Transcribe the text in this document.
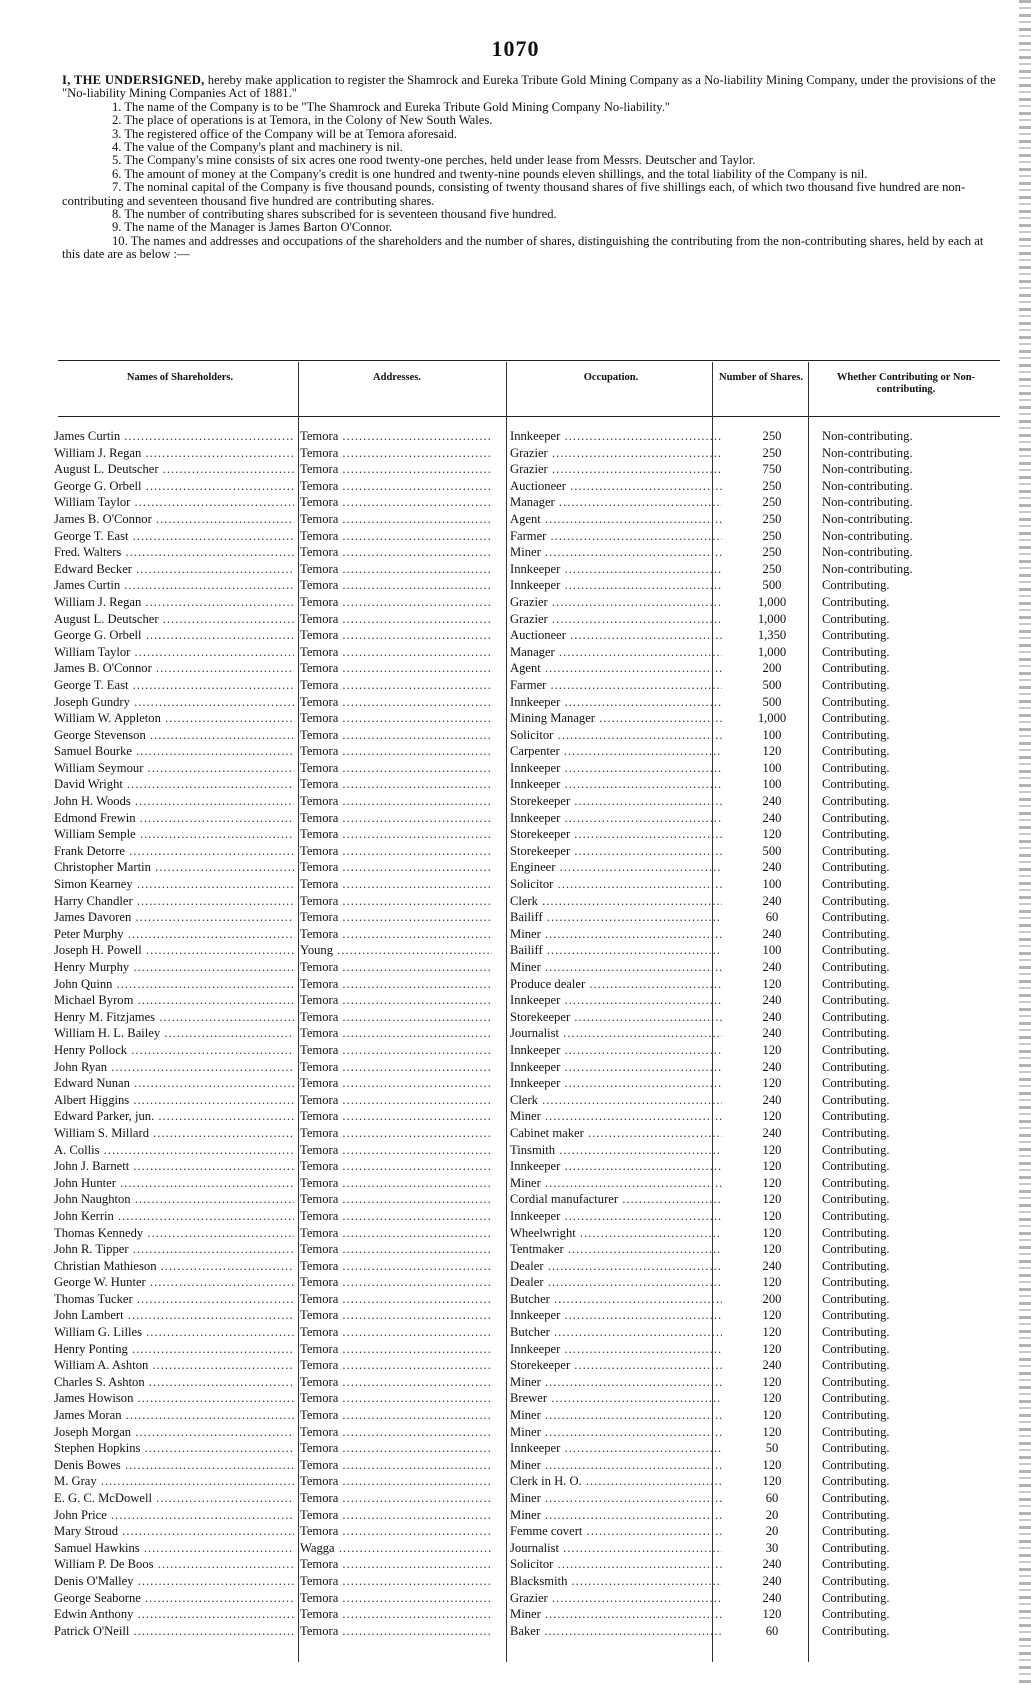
1070

I, THE UNDERSIGNED, hereby make application to register the Shamrock and Eureka Tribute Gold Mining Company as a No-liability Mining Company, under the provisions of the "No-liability Mining Companies Act of 1881."

1. The name of the Company is to be "The Shamrock and Eureka Tribute Gold Mining Company No-liability."

2. The place of operations is at Temora, in the Colony of New South Wales.

3. The registered office of the Company will be at Temora aforesaid.

4. The value of the Company's plant and machinery is nil.

5. The Company's mine consists of six acres one rood twenty-one perches, held under lease from Messrs. Deutscher and Taylor.

6. The amount of money at the Company's credit is one hundred and twenty-nine pounds eleven shillings, and the total liability of the Company is nil.

7. The nominal capital of the Company is five thousand pounds, consisting of twenty thousand shares of five shillings each, of which two thousand five hundred are non-contributing and seventeen thousand five hundred are contributing shares.

8. The number of contributing shares subscribed for is seventeen thousand five hundred.

9. The name of the Manager is James Barton O'Connor.

10. The names and addresses and occupations of the shareholders and the number of shares, distinguishing the contributing from the non-contributing shares, held by each at this date are as below :—

Names of Shareholders.	Addresses.	Occupation.	Number of Shares.	Whether Contributing or Non-contributing.
James Curtin .....	Temora .....	Innkeeper .....	250	Non-contributing.
William J. Regan .....	Temora .....	Grazier .....	250	Non-contributing.
August L. Deutscher .....	Temora .....	Grazier .....	750	Non-contributing.
George G. Orbell .....	Temora .....	Auctioneer .....	250	Non-contributing.
William Taylor .....	Temora .....	Manager .....	250	Non-contributing.
James B. O'Connor .....	Temora .....	Agent .....	250	Non-contributing.
George T. East .....	Temora .....	Farmer .....	250	Non-contributing.
Fred. Walters .....	Temora .....	Miner .....	250	Non-contributing.
Edward Becker .....	Temora .....	Innkeeper .....	250	Non-contributing.
James Curtin .....	Temora .....	Innkeeper .....	500	Contributing.
William J. Regan .....	Temora .....	Grazier .....	1,000	Contributing.
August L. Deutscher .....	Temora .....	Grazier .....	1,000	Contributing.
George G. Orbell .....	Temora .....	Auctioneer .....	1,350	Contributing.
William Taylor .....	Temora .....	Manager .....	1,000	Contributing.
James B. O'Connor .....	Temora .....	Agent .....	200	Contributing.
George T. East .....	Temora .....	Farmer .....	500	Contributing.
Joseph Gundry .....	Temora .....	Innkeeper .....	500	Contributing.
William W. Appleton .....	Temora .....	Mining Manager .....	1,000	Contributing.
George Stevenson .....	Temora .....	Solicitor .....	100	Contributing.
Samuel Bourke .....	Temora .....	Carpenter .....	120	Contributing.
William Seymour .....	Temora .....	Innkeeper .....	100	Contributing.
David Wright .....	Temora .....	Innkeeper .....	100	Contributing.
John H. Woods .....	Temora .....	Storekeeper .....	240	Contributing.
Edmond Frewin .....	Temora .....	Innkeeper .....	240	Contributing.
William Semple .....	Temora .....	Storekeeper .....	120	Contributing.
Frank Detorre .....	Temora .....	Storekeeper .....	500	Contributing.
Christopher Martin .....	Temora .....	Engineer .....	240	Contributing.
Simon Kearney .....	Temora .....	Solicitor .....	100	Contributing.
Harry Chandler .....	Temora .....	Clerk .....	240	Contributing.
James Davoren .....	Temora .....	Bailiff .....	60	Contributing.
Peter Murphy .....	Temora .....	Miner .....	240	Contributing.
Joseph H. Powell .....	Young .....	Bailiff .....	100	Contributing.
Henry Murphy .....	Temora .....	Miner .....	240	Contributing.
John Quinn .....	Temora .....	Produce dealer .....	120	Contributing.
Michael Byrom .....	Temora .....	Innkeeper .....	240	Contributing.
Henry M. Fitzjames .....	Temora .....	Storekeeper .....	240	Contributing.
William H. L. Bailey .....	Temora .....	Journalist .....	240	Contributing.
Henry Pollock .....	Temora .....	Innkeeper .....	120	Contributing.
John Ryan .....	Temora .....	Innkeeper .....	240	Contributing.
Edward Nunan .....	Temora .....	Innkeeper .....	120	Contributing.
Albert Higgins .....	Temora .....	Clerk .....	240	Contributing.
Edward Parker, jun. .....	Temora .....	Miner .....	120	Contributing.
William S. Millard .....	Temora .....	Cabinet maker .....	240	Contributing.
A. Collis .....	Temora .....	Tinsmith .....	120	Contributing.
John J. Barnett .....	Temora .....	Innkeeper .....	120	Contributing.
John Hunter .....	Temora .....	Miner .....	120	Contributing.
John Naughton .....	Temora .....	Cordial manufacturer .....	120	Contributing.
John Kerrin .....	Temora .....	Innkeeper .....	120	Contributing.
Thomas Kennedy .....	Temora .....	Wheelwright .....	120	Contributing.
John R. Tipper .....	Temora .....	Tentmaker .....	120	Contributing.
Christian Mathieson .....	Temora .....	Dealer .....	240	Contributing.
George W. Hunter .....	Temora .....	Dealer .....	120	Contributing.
Thomas Tucker .....	Temora .....	Butcher .....	200	Contributing.
John Lambert .....	Temora .....	Innkeeper .....	120	Contributing.
William G. Lilles .....	Temora .....	Butcher .....	120	Contributing.
Henry Ponting .....	Temora .....	Innkeeper .....	120	Contributing.
William A. Ashton .....	Temora .....	Storekeeper .....	240	Contributing.
Charles S. Ashton .....	Temora .....	Miner .....	120	Contributing.
James Howison .....	Temora .....	Brewer .....	120	Contributing.
James Moran .....	Temora .....	Miner .....	120	Contributing.
Joseph Morgan .....	Temora .....	Miner .....	120	Contributing.
Stephen Hopkins .....	Temora .....	Innkeeper .....	50	Contributing.
Denis Bowes .....	Temora .....	Miner .....	120	Contributing.
M. Gray .....	Temora .....	Clerk in H. O. .....	120	Contributing.
E. G. C. McDowell .....	Temora .....	Miner .....	60	Contributing.
John Price .....	Temora .....	Miner .....	20	Contributing.
Mary Stroud .....	Temora .....	Femme covert .....	20	Contributing.
Samuel Hawkins .....	Wagga .....	Journalist .....	30	Contributing.
William P. De Boos .....	Temora .....	Solicitor .....	240	Contributing.
Denis O'Malley .....	Temora .....	Blacksmith .....	240	Contributing.
George Seaborne .....	Temora .....	Grazier .....	240	Contributing.
Edwin Anthony .....	Temora .....	Miner .....	120	Contributing.
Patrick O'Neill .....	Temora .....	Baker .....	60	Contributing.
